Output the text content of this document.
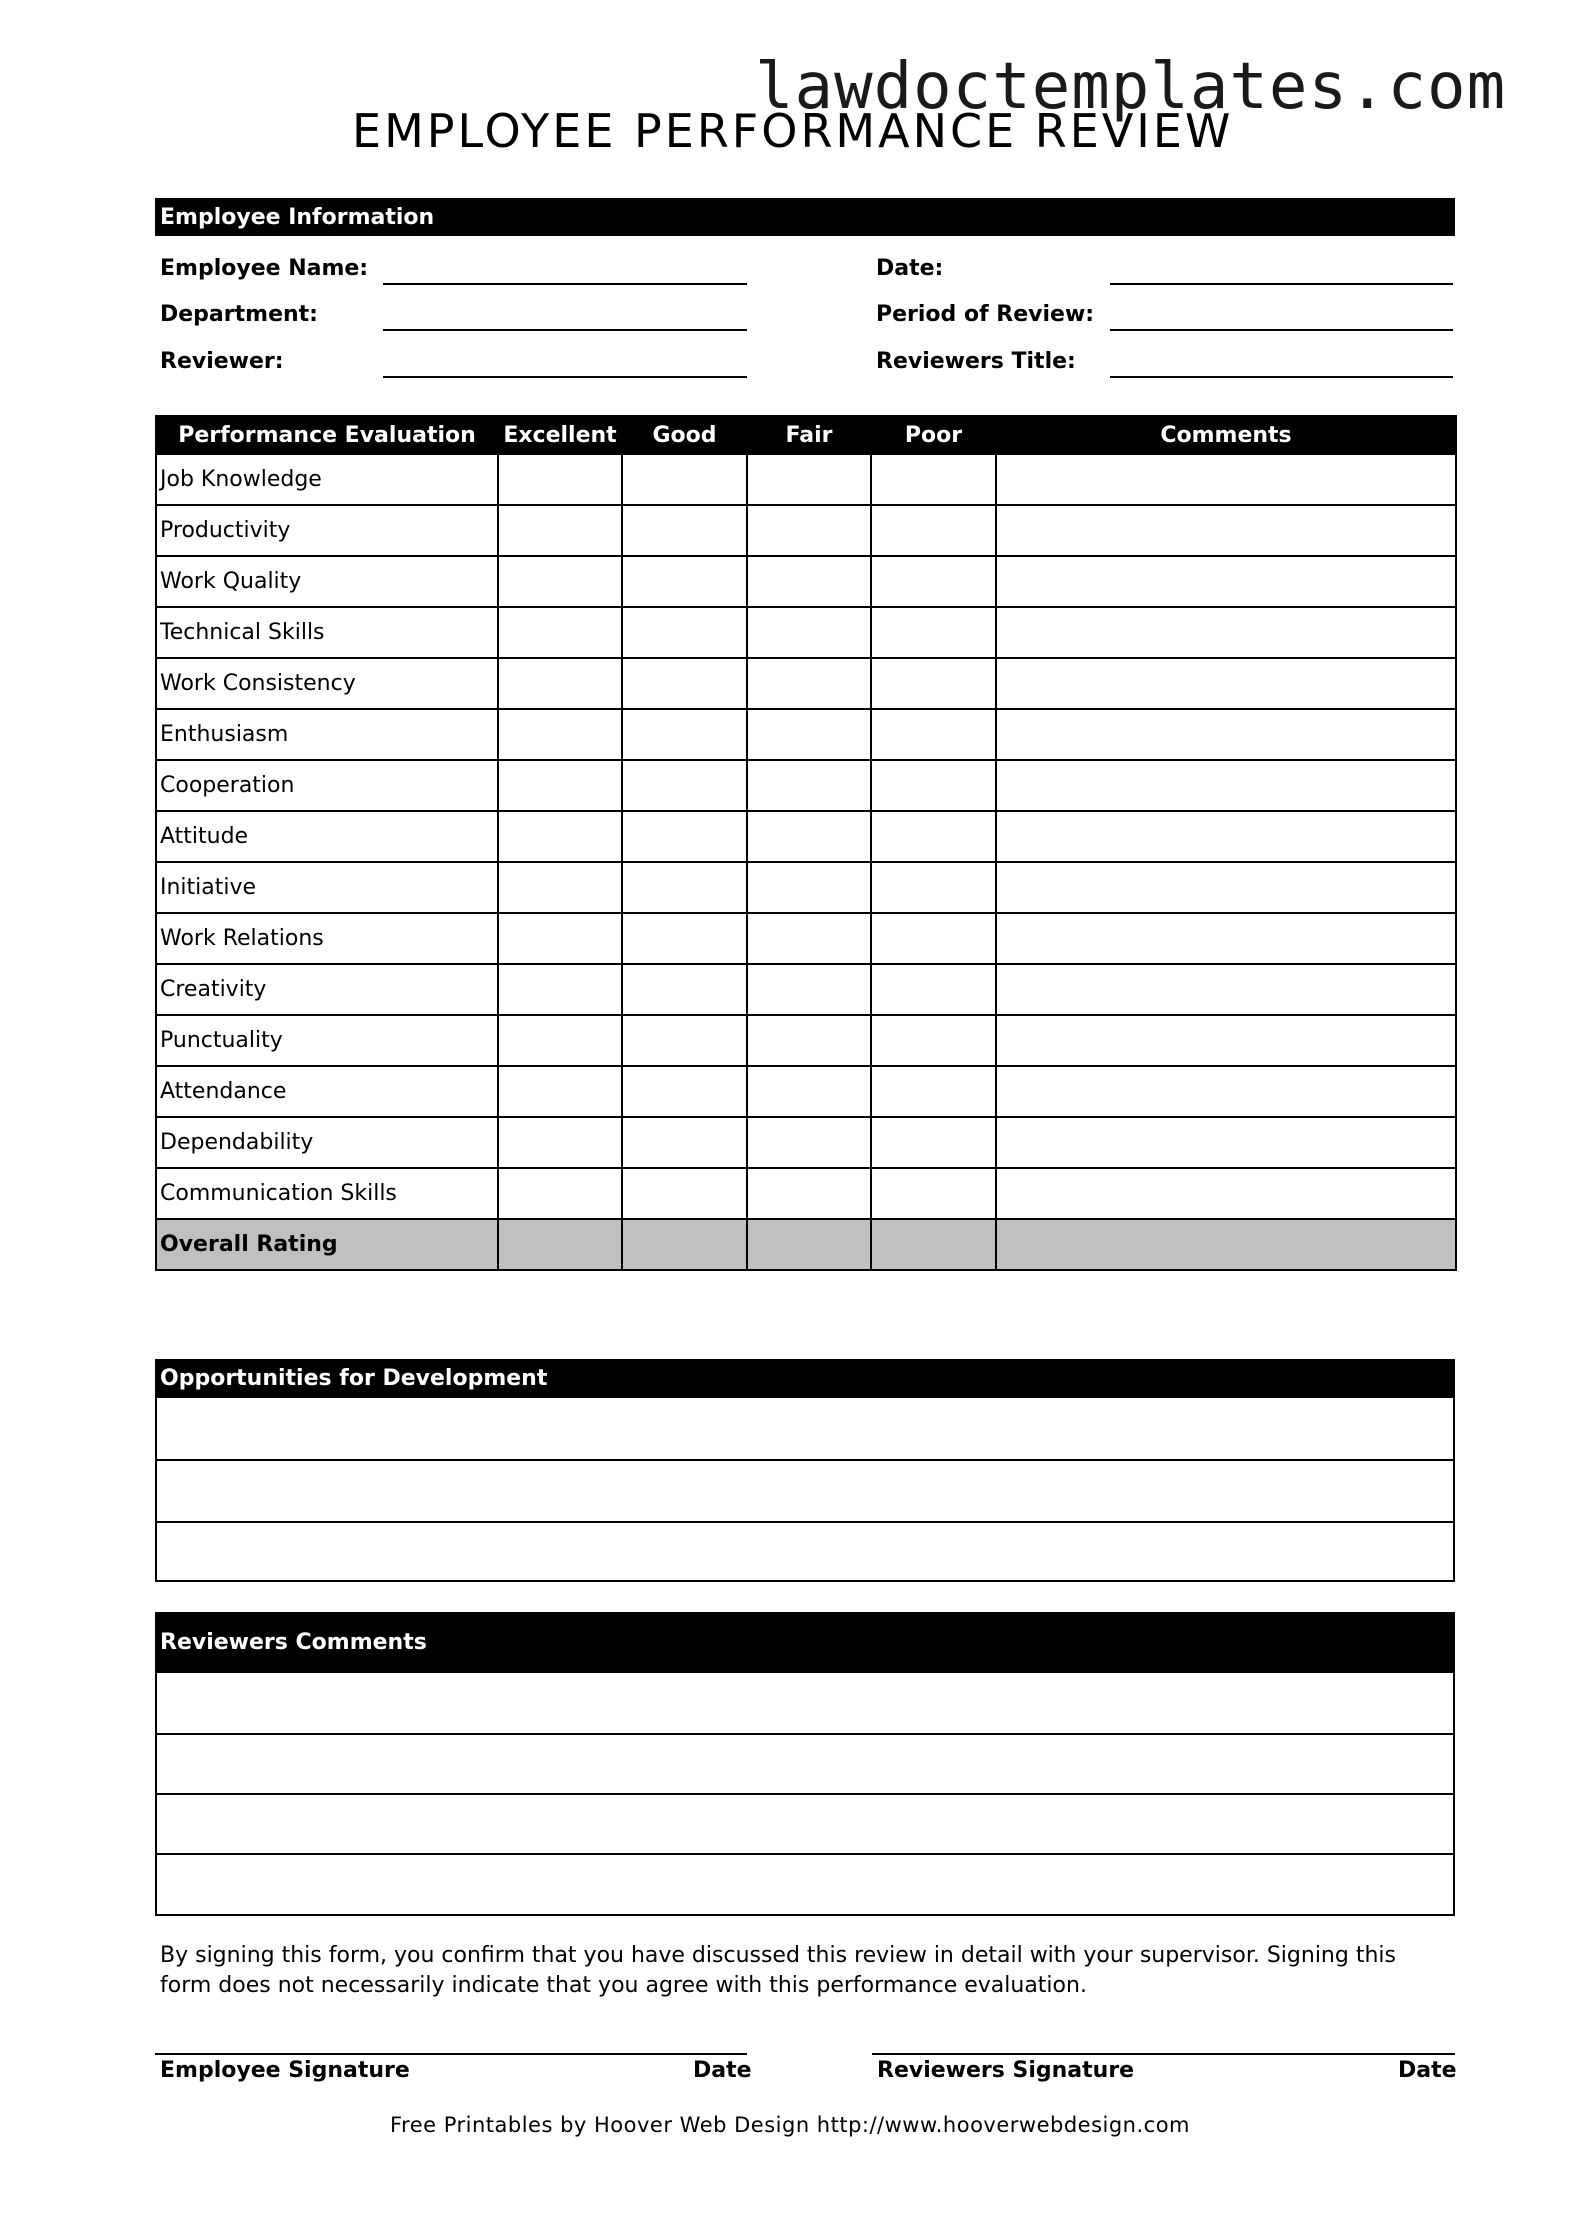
lawdoctemplates.com
EMPLOYEE PERFORMANCE REVIEW
Employee Information
Employee Name:
Department:
Reviewer:
Date:
Period of Review:
Reviewers Title:
Performance Evaluation	Excellent	Good	Fair	Poor	Comments
Job Knowledge					
Productivity					
Work Quality					
Technical Skills					
Work Consistency					
Enthusiasm					
Cooperation					
Attitude					
Initiative					
Work Relations					
Creativity					
Punctuality					
Attendance					
Dependability					
Communication Skills					
Overall Rating					
Opportunities for Development
Reviewers Comments
By signing this form, you confirm that you have discussed this review in detail with your supervisor. Signing this form does not necessarily indicate that you agree with this performance evaluation.
Employee Signature	Date	Reviewers Signature	Date
Free Printables by Hoover Web Design http://www.hooverwebdesign.com
